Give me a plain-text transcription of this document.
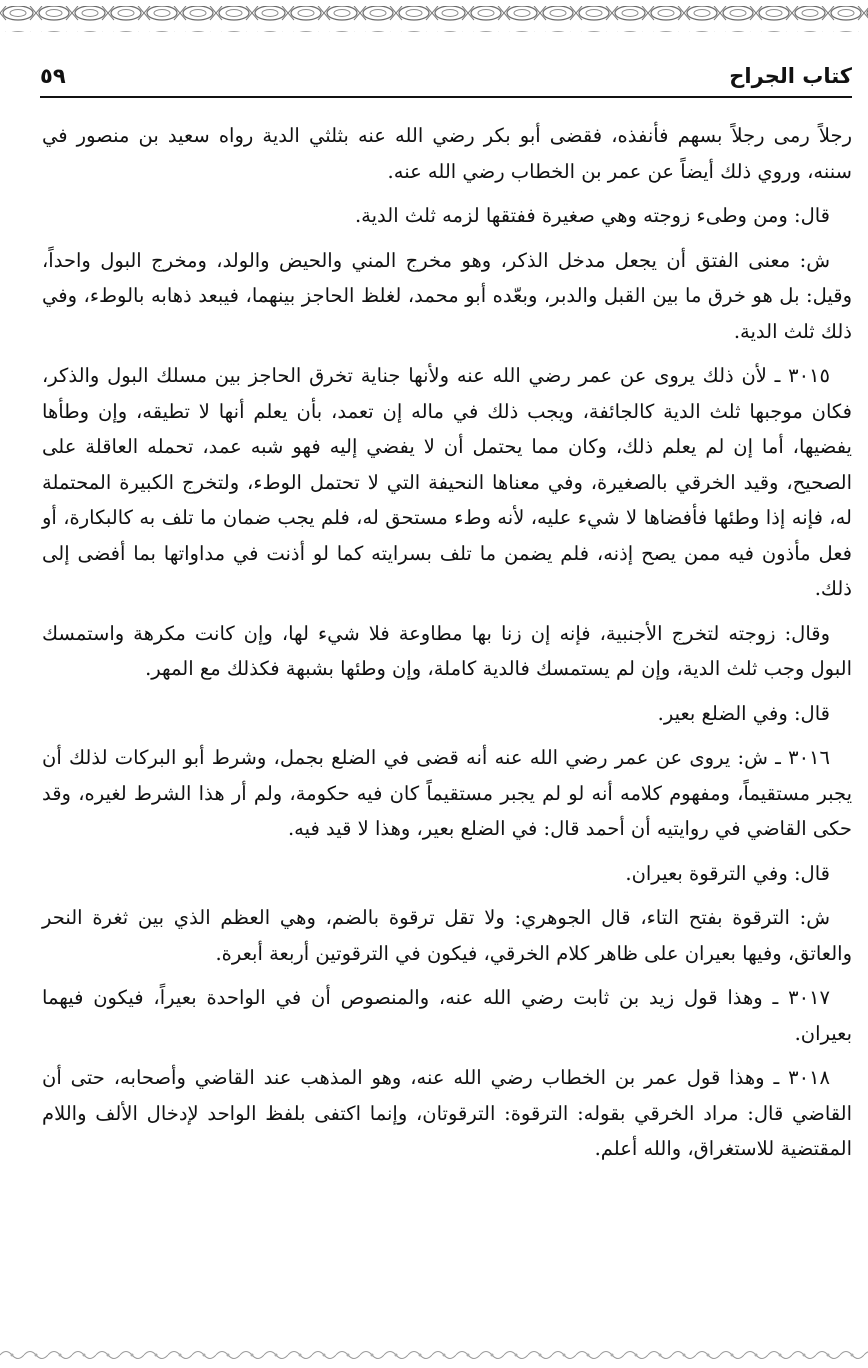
كتاب الجراح
٥٩

رجلاً رمى رجلاً بسهم فأنفذه، فقضى أبو بكر رضي الله عنه بثلثي الدية رواه سعيد بن منصور في سننه، وروي ذلك أيضاً عن عمر بن الخطاب رضي الله عنه.

قال: ومن وطىء زوجته وهي صغيرة ففتقها لزمه ثلث الدية.

ش: معنى الفتق أن يجعل مدخل الذكر، وهو مخرج المني والحيض والولد، ومخرج البول واحداً، وقيل: بل هو خرق ما بين القبل والدبر، وبعّده أبو محمد، لغلظ الحاجز بينهما، فيبعد ذهابه بالوطء، وفي ذلك ثلث الدية.

٣٠١٥ ـ لأن ذلك يروى عن عمر رضي الله عنه ولأنها جناية تخرق الحاجز بين مسلك البول والذكر، فكان موجبها ثلث الدية كالجائفة، ويجب ذلك في ماله إن تعمد، بأن يعلم أنها لا تطيقه، وإن وطأها يفضيها، أما إن لم يعلم ذلك، وكان مما يحتمل أن لا يفضي إليه فهو شبه عمد، تحمله العاقلة على الصحيح، وقيد الخرقي بالصغيرة، وفي معناها النحيفة التي لا تحتمل الوطء، ولتخرج الكبيرة المحتملة له، فإنه إذا وطئها فأفضاها لا شيء عليه، لأنه وطء مستحق له، فلم يجب ضمان ما تلف به كالبكارة، أو فعل مأذون فيه ممن يصح إذنه، فلم يضمن ما تلف بسرايته كما لو أذنت في مداواتها بما أفضى إلى ذلك.

وقال: زوجته لتخرج الأجنبية، فإنه إن زنا بها مطاوعة فلا شيء لها، وإن كانت مكرهة واستمسك البول وجب ثلث الدية، وإن لم يستمسك فالدية كاملة، وإن وطئها بشبهة فكذلك مع المهر.

قال: وفي الضلع بعير.

٣٠١٦ ـ ش: يروى عن عمر رضي الله عنه أنه قضى في الضلع بجمل، وشرط أبو البركات لذلك أن يجبر مستقيماً، ومفهوم كلامه أنه لو لم يجبر مستقيماً كان فيه حكومة، ولم أر هذا الشرط لغيره، وقد حكى القاضي في روايتيه أن أحمد قال: في الضلع بعير، وهذا لا قيد فيه.

قال: وفي الترقوة بعيران.

ش: الترقوة بفتح التاء، قال الجوهري: ولا تقل ترقوة بالضم، وهي العظم الذي بين ثغرة النحر والعاتق، وفيها بعيران على ظاهر كلام الخرقي، فيكون في الترقوتين أربعة أبعرة.

٣٠١٧ ـ وهذا قول زيد بن ثابت رضي الله عنه، والمنصوص أن في الواحدة بعيراً، فيكون فيهما بعيران.

٣٠١٨ ـ وهذا قول عمر بن الخطاب رضي الله عنه، وهو المذهب عند القاضي وأصحابه، حتى أن القاضي قال: مراد الخرقي بقوله: الترقوة: الترقوتان، وإنما اكتفى بلفظ الواحد لإدخال الألف واللام المقتضية للاستغراق، والله أعلم.
